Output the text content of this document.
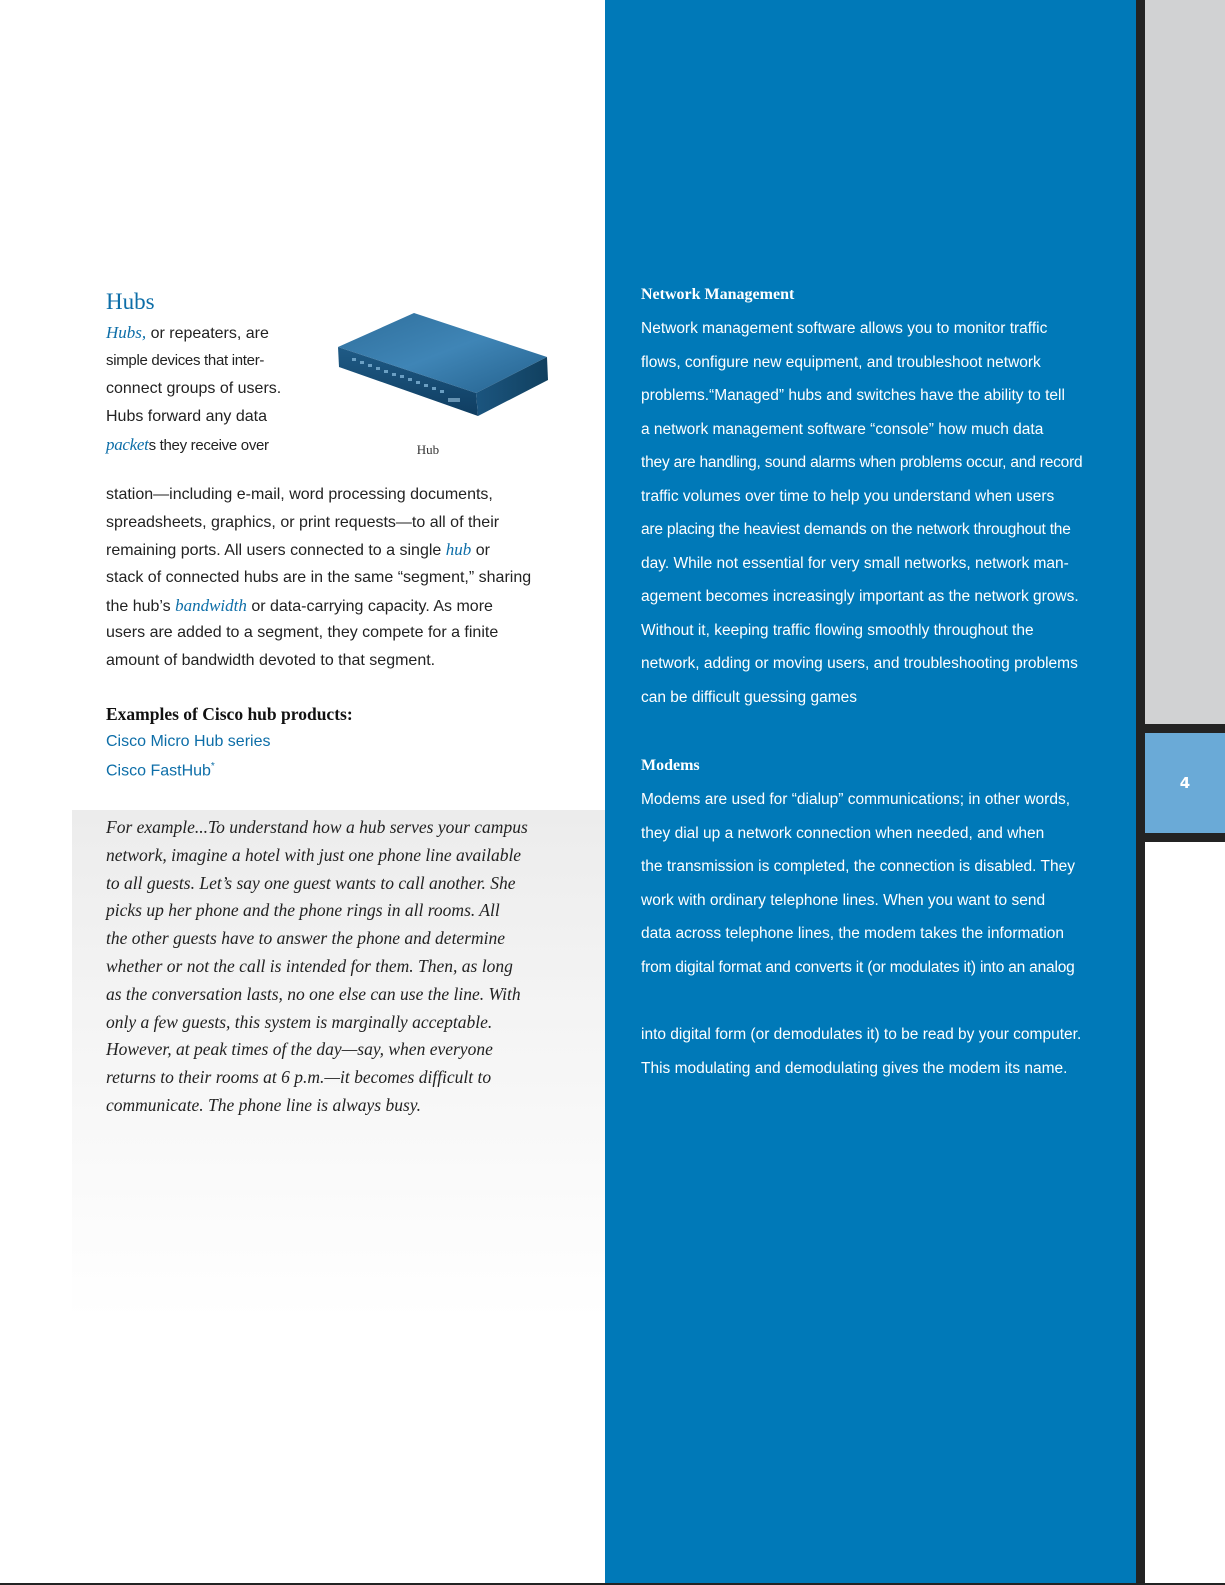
Hubs
Hubs, or repeaters, are
simple devices that inter-
connect groups of users.
Hubs forward any data
packets they receive over	Hub
station—including e-mail, word processing documents,
spreadsheets, graphics, or print requests—to all of their
remaining ports. All users connected to a single hub or
stack of connected hubs are in the same “segment,” sharing
the hub’s bandwidth or data-carrying capacity. As more
users are added to a segment, they compete for a finite
amount of bandwidth devoted to that segment.
Examples of Cisco hub products:
Cisco Micro Hub series
Cisco FastHub*
For example...To understand how a hub serves your campus
network, imagine a hotel with just one phone line available
to all guests. Let’s say one guest wants to call another. She
picks up her phone and the phone rings in all rooms. All
the other guests have to answer the phone and determine
whether or not the call is intended for them. Then, as long
as the conversation lasts, no one else can use the line. With
only a few guests, this system is marginally acceptable.
However, at peak times of the day—say, when everyone
returns to their rooms at 6 p.m.—it becomes difficult to
communicate. The phone line is always busy.
Network Management
Network management software allows you to monitor traffic
flows, configure new equipment, and troubleshoot network
problems.“Managed” hubs and switches have the ability to tell
a network management software “console” how much data
they are handling, sound alarms when problems occur, and record
traffic volumes over time to help you understand when users
are placing the heaviest demands on the network throughout the
day. While not essential for very small networks, network man-
agement becomes increasingly important as the network grows.
Without it, keeping traffic flowing smoothly throughout the
network, adding or moving users, and troubleshooting problems
can be difficult guessing games
Modems
Modems are used for “dialup” communications; in other words,
they dial up a network connection when needed, and when
the transmission is completed, the connection is disabled. They
work with ordinary telephone lines. When you want to send
data across telephone lines, the modem takes the information
from digital format and converts it (or modulates it) into an analog
into digital form (or demodulates it) to be read by your computer.
This modulating and demodulating gives the modem its name.
4
